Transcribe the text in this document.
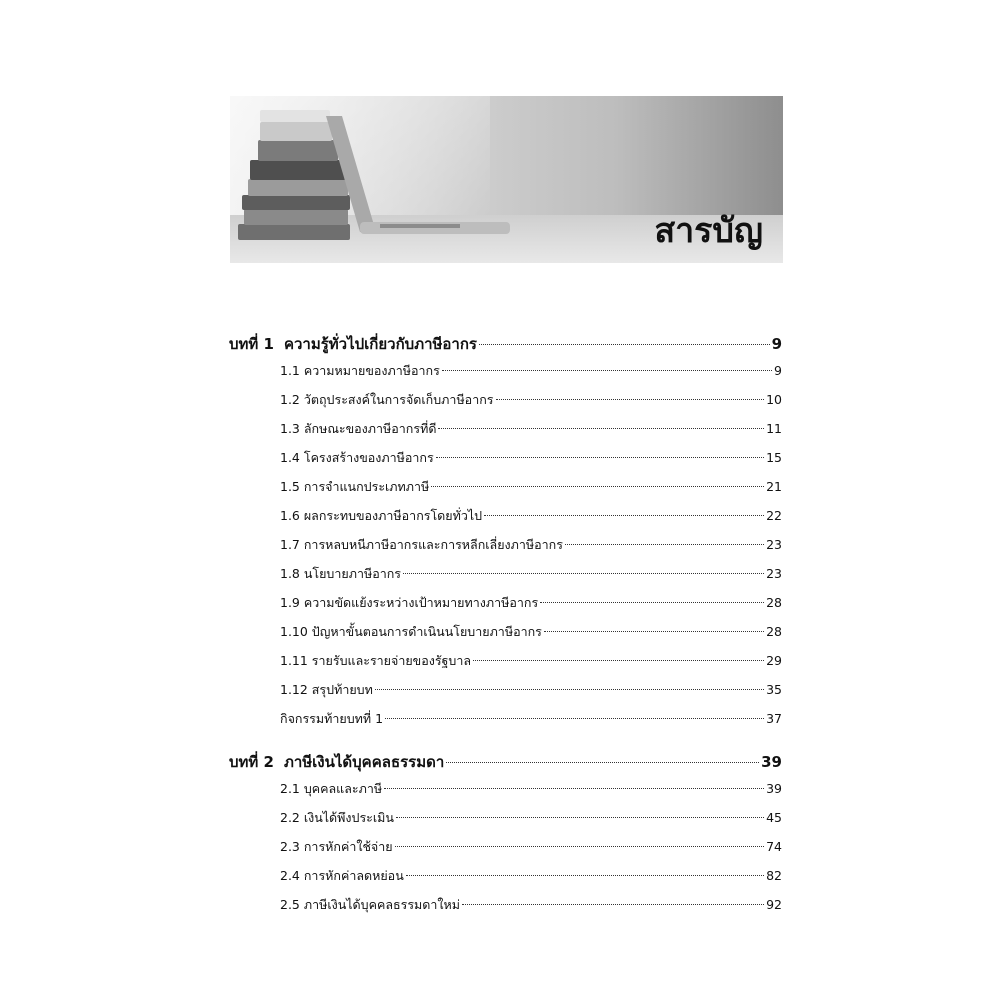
สารบัญ
บทที่ 1 ความรู้ทั่วไปเกี่ยวกับภาษีอากร	9
1.1 ความหมายของภาษีอากร	9
1.2 วัตถุประสงค์ในการจัดเก็บภาษีอากร	10
1.3 ลักษณะของภาษีอากรที่ดี	11
1.4 โครงสร้างของภาษีอากร	15
1.5 การจำแนกประเภทภาษี	21
1.6 ผลกระทบของภาษีอากรโดยทั่วไป	22
1.7 การหลบหนีภาษีอากรและการหลีกเลี่ยงภาษีอากร	23
1.8 นโยบายภาษีอากร	23
1.9 ความขัดแย้งระหว่างเป้าหมายทางภาษีอากร	28
1.10 ปัญหาขั้นตอนการดำเนินนโยบายภาษีอากร	28
1.11 รายรับและรายจ่ายของรัฐบาล	29
1.12 สรุปท้ายบท	35
กิจกรรมท้ายบทที่ 1	37
บทที่ 2 ภาษีเงินได้บุคคลธรรมดา	39
2.1 บุคคลและภาษี	39
2.2 เงินได้พึงประเมิน	45
2.3 การหักค่าใช้จ่าย	74
2.4 การหักค่าลดหย่อน	82
2.5 ภาษีเงินได้บุคคลธรรมดาใหม่	92
